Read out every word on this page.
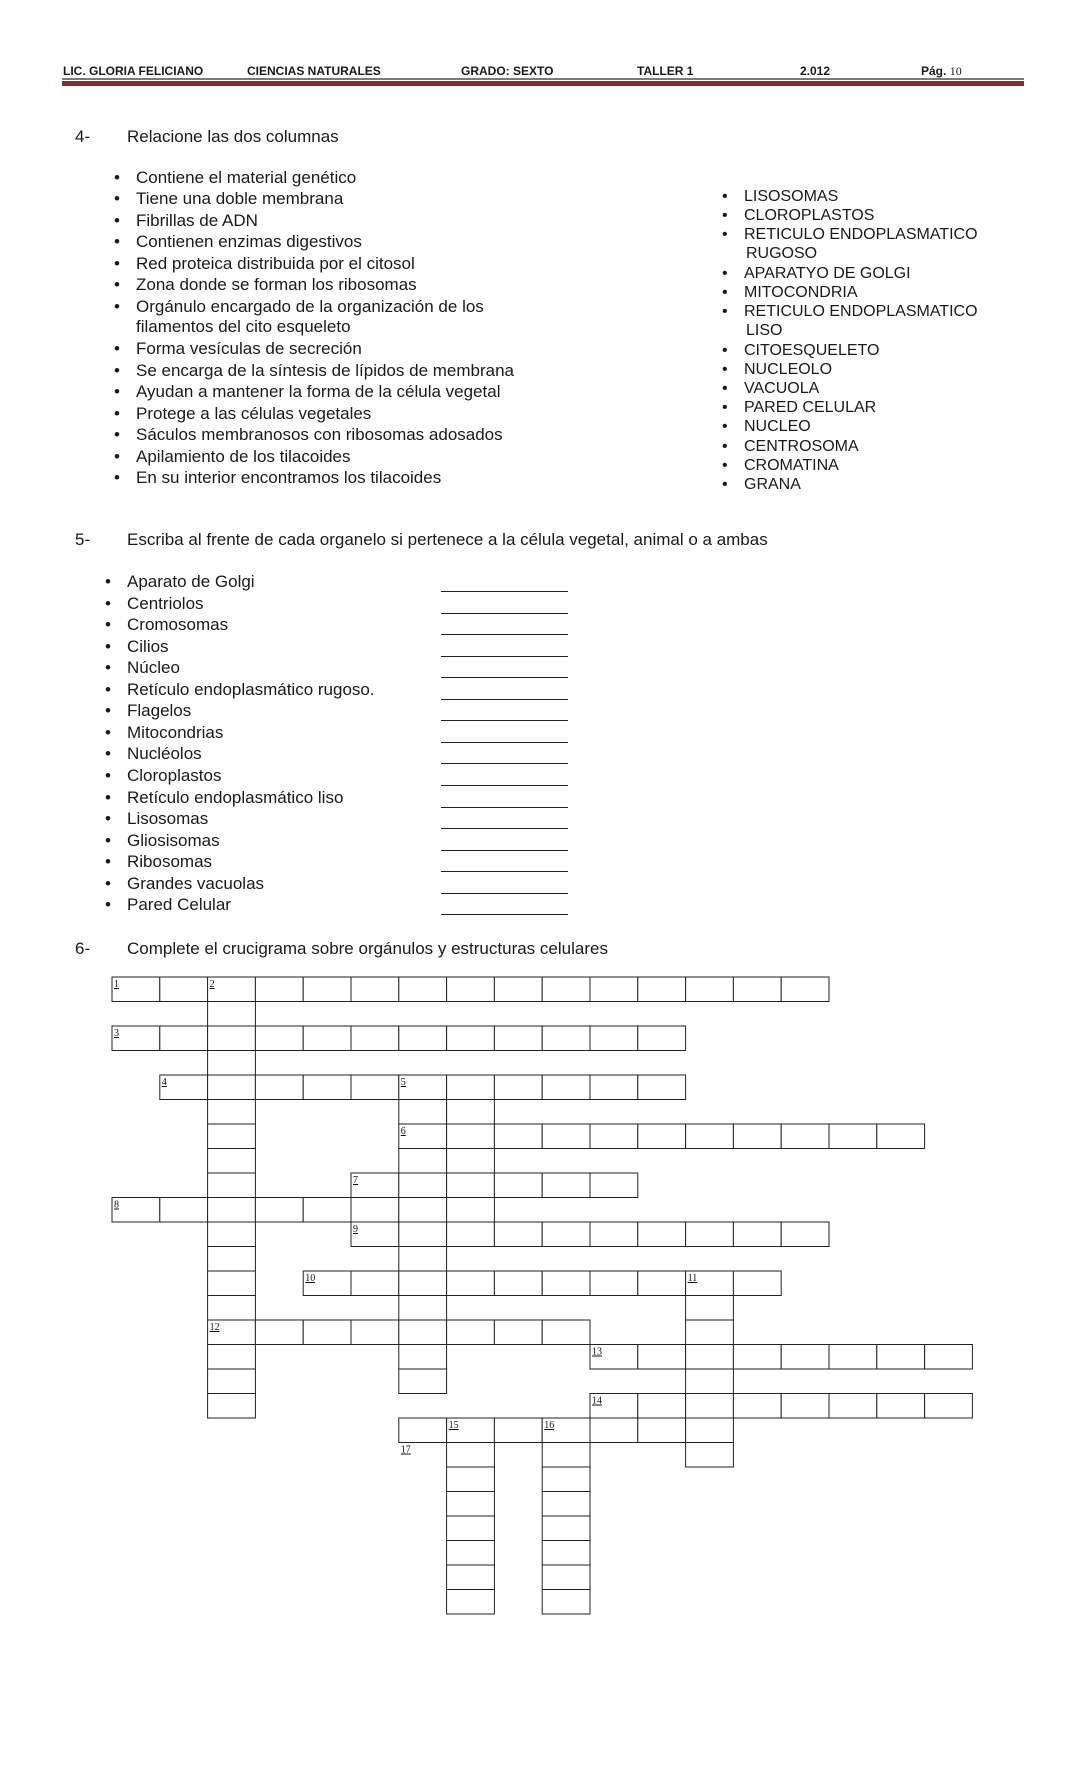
LIC. GLORIA FELICIANO	CIENCIAS NATURALES	GRADO: SEXTO	TALLER 1	2.012	Pág. 10
4- Relacione las dos columnas
• Contiene el material genético
• Tiene una doble membrana
• Fibrillas de ADN
• Contienen enzimas digestivos
• Red proteica distribuida por el citosol
• Zona donde se forman los ribosomas
• Orgánulo encargado de la organización de los
filamentos del cito esqueleto
• Forma vesículas de secreción
• Se encarga de la síntesis de lípidos de membrana
• Ayudan a mantener la forma de la célula vegetal
• Protege a las células vegetales
• Sáculos membranosos con ribosomas adosados
• Apilamiento de los tilacoides
• En su interior encontramos los tilacoides
• LISOSOMAS
• CLOROPLASTOS
• RETICULO ENDOPLASMATICO
RUGOSO
• APARATYO DE GOLGI
• MITOCONDRIA
• RETICULO ENDOPLASMATICO
LISO
• CITOESQUELETO
• NUCLEOLO
• VACUOLA
• PARED CELULAR
• NUCLEO
• CENTROSOMA
• CROMATINA
• GRANA
5- Escriba al frente de cada organelo si pertenece a la célula vegetal, animal o a ambas
• Aparato de Golgi
• Centriolos
• Cromosomas
• Cilios
• Núcleo
• Retículo endoplasmático rugoso.
• Flagelos
• Mitocondrias
• Nucléolos
• Cloroplastos
• Retículo endoplasmático liso
• Lisosomas
• Gliosisomas
• Ribosomas
• Grandes vacuolas
• Pared Celular
6- Complete el crucigrama sobre orgánulos y estructuras celulares
1	2
3
4	5
6
7
8
9
10	11
12
13
14
15	16
17
